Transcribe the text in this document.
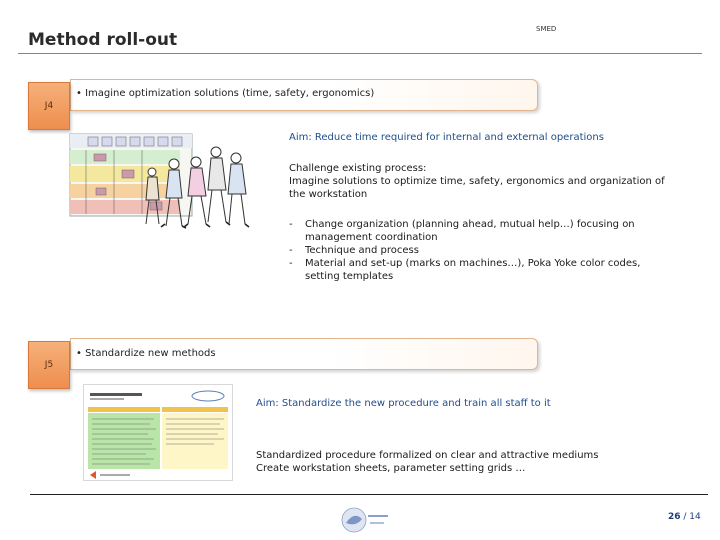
Method roll-out
SMED
J4
• Imagine optimization solutions (time, safety, ergonomics)
Aim: Reduce time required for internal and external operations
Challenge existing process:
Imagine solutions to optimize time, safety, ergonomics and organization of
the workstation
- Change organization (planning ahead, mutual help…) focusing on
management coordination
- Technique and process
- Material and set-up (marks on machines…), Poka Yoke color codes,
setting templates
J5
• Standardize new methods
Aim: Standardize the new procedure and train all staff to it
Standardized procedure formalized on clear and attractive mediums
Create workstation sheets, parameter setting grids …
26 / 14
